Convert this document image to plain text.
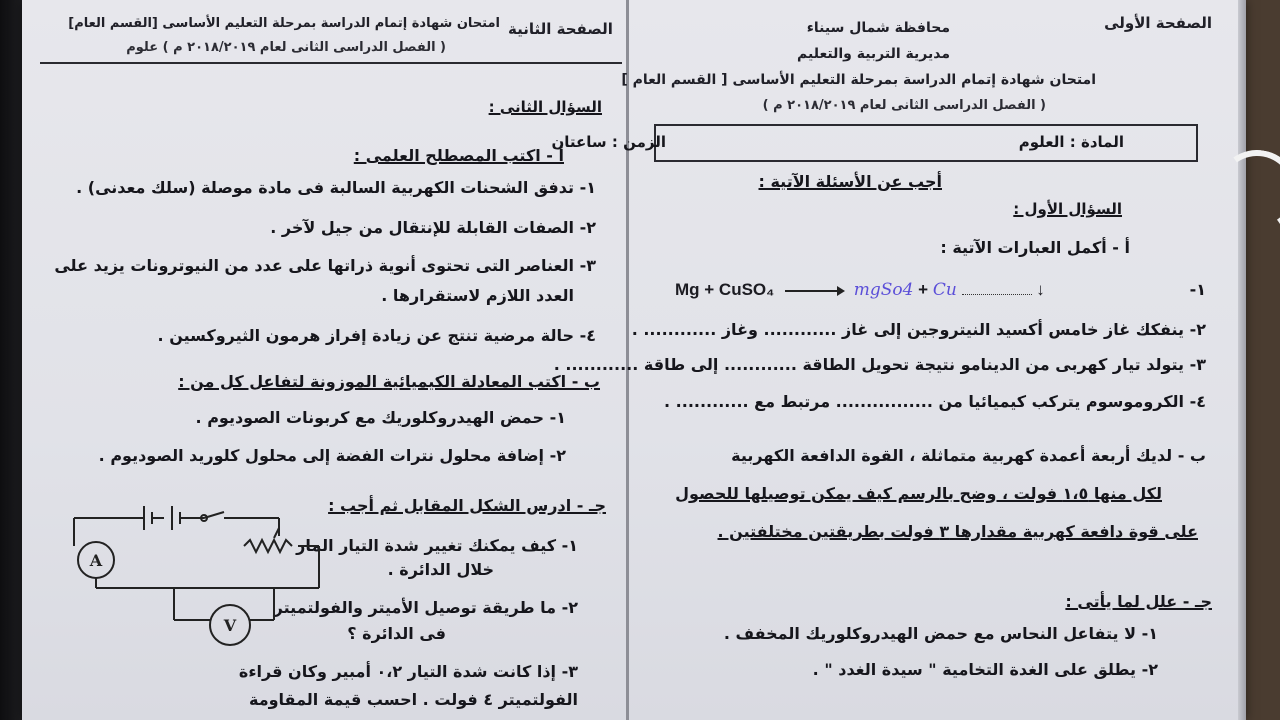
الصفحة الأولى
محافظة شمال سيناء
مديرية التربية والتعليم
امتحان شهادة إتمام الدراسة بمرحلة التعليم الأساسى [ القسم العام ]
( الفصل الدراسى الثانى لعام ٢٠١٨/٢٠١٩ م )
المادة : العلوم
الزمن : ساعتان
أجب عن الأسئلة الآتية :
السؤال الأول :
أ - أكمل العبارات الآتية :
-١
Mg + CuSO₄ → mgSo4 + Cu	↓
٢- ينفكك غاز خامس أكسيد النيتروجين إلى غاز ............ وغاز ............ .
٣- يتولد تيار كهربى من الدينامو نتيجة تحويل الطاقة ............ إلى طاقة ............ .
٤- الكروموسوم يتركب كيميائيا من ................ مرتبط مع ............ .
ب - لديك أربعة أعمدة كهربية متماثلة ، القوة الدافعة الكهربية
لكل منها ١،٥ فولت ، وضح بالرسم كيف يمكن توصيلها للحصول
على قوة دافعة كهربية مقدارها ٣ فولت بطريقتين مختلفتين .
جـ - علل لما يأتى :
١- لا يتفاعل النحاس مع حمض الهيدروكلوريك المخفف .
٢- يطلق على الغدة التخامية " سيدة الغدد " .
الصفحة الثانية
امتحان شهادة إتمام الدراسة بمرحلة التعليم الأساسى [القسم العام]
( الفصل الدراسى الثانى لعام ٢٠١٨/٢٠١٩ م ) علوم
السؤال الثانى :
أ - اكتب المصطلح العلمى :
١- تدفق الشحنات الكهربية السالبة فى مادة موصلة (سلك معدنى) .
٢- الصفات القابلة للإنتقال من جيل لآخر .
٣- العناصر التى تحتوى أنوية ذراتها على عدد من النيوترونات يزيد على
العدد اللازم لاستقرارها .
٤- حالة مرضية تنتج عن زيادة إفراز هرمون الثيروكسين .
ب - اكتب المعادلة الكيميائية الموزونة لتفاعل كل من :
١- حمض الهيدروكلوريك مع كربونات الصوديوم .
٢- إضافة محلول نترات الفضة إلى محلول كلوريد الصوديوم .
جـ - ادرس الشكل المقابل ثم أجب :
١- كيف يمكنك تغيير شدة التيار المار
خلال الدائرة .
٢- ما طريقة توصيل الأميتر والفولتميتر
فى الدائرة ؟
٣- إذا كانت شدة التيار ٠،٢ أمبير وكان قراءة
الفولتميتر ٤ فولت . احسب قيمة المقاومة
A
V
